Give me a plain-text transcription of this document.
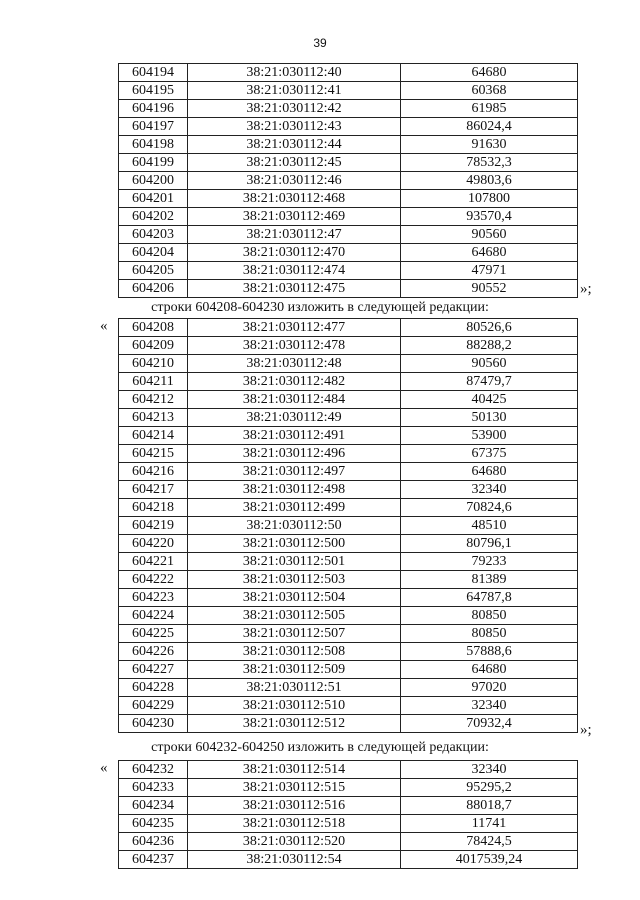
39
604194	38:21:030112:40	64680
604195	38:21:030112:41	60368
604196	38:21:030112:42	61985
604197	38:21:030112:43	86024,4
604198	38:21:030112:44	91630
604199	38:21:030112:45	78532,3
604200	38:21:030112:46	49803,6
604201	38:21:030112:468	107800
604202	38:21:030112:469	93570,4
604203	38:21:030112:47	90560
604204	38:21:030112:470	64680
604205	38:21:030112:474	47971
604206	38:21:030112:475	90552	»;
строки 604208-604230 изложить в следующей редакции:
« 604208	38:21:030112:477	80526,6
604209	38:21:030112:478	88288,2
604210	38:21:030112:48	90560
604211	38:21:030112:482	87479,7
604212	38:21:030112:484	40425
604213	38:21:030112:49	50130
604214	38:21:030112:491	53900
604215	38:21:030112:496	67375
604216	38:21:030112:497	64680
604217	38:21:030112:498	32340
604218	38:21:030112:499	70824,6
604219	38:21:030112:50	48510
604220	38:21:030112:500	80796,1
604221	38:21:030112:501	79233
604222	38:21:030112:503	81389
604223	38:21:030112:504	64787,8
604224	38:21:030112:505	80850
604225	38:21:030112:507	80850
604226	38:21:030112:508	57888,6
604227	38:21:030112:509	64680
604228	38:21:030112:51	97020
604229	38:21:030112:510	32340
604230	38:21:030112:512	70932,4	»;
строки 604232-604250 изложить в следующей редакции:
« 604232	38:21:030112:514	32340
604233	38:21:030112:515	95295,2
604234	38:21:030112:516	88018,7
604235	38:21:030112:518	11741
604236	38:21:030112:520	78424,5
604237	38:21:030112:54	4017539,24
